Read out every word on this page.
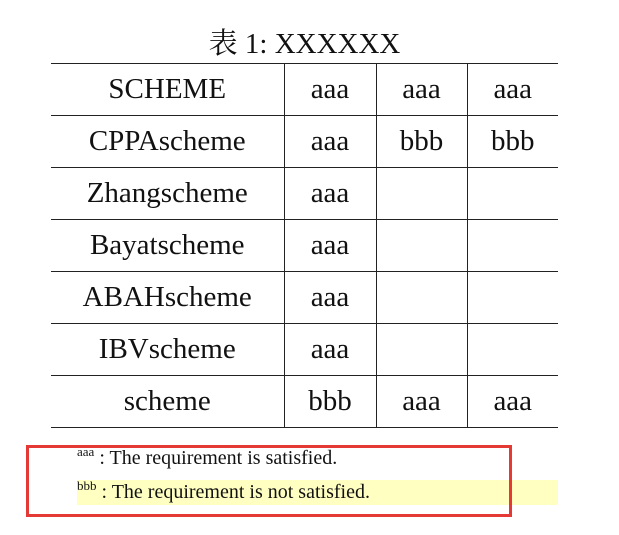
表 1: XXXXXX
SCHEME	aaa	aaa	aaa
CPPAscheme	aaa	bbb	bbb
Zhangscheme	aaa		
Bayatscheme	aaa		
ABAHscheme	aaa		
IBVscheme	aaa		
scheme	bbb	aaa	aaa
$^{bbb}$ : The requirement is not satisfied.
$^{aaa}$ : The requirement is satisfied.
